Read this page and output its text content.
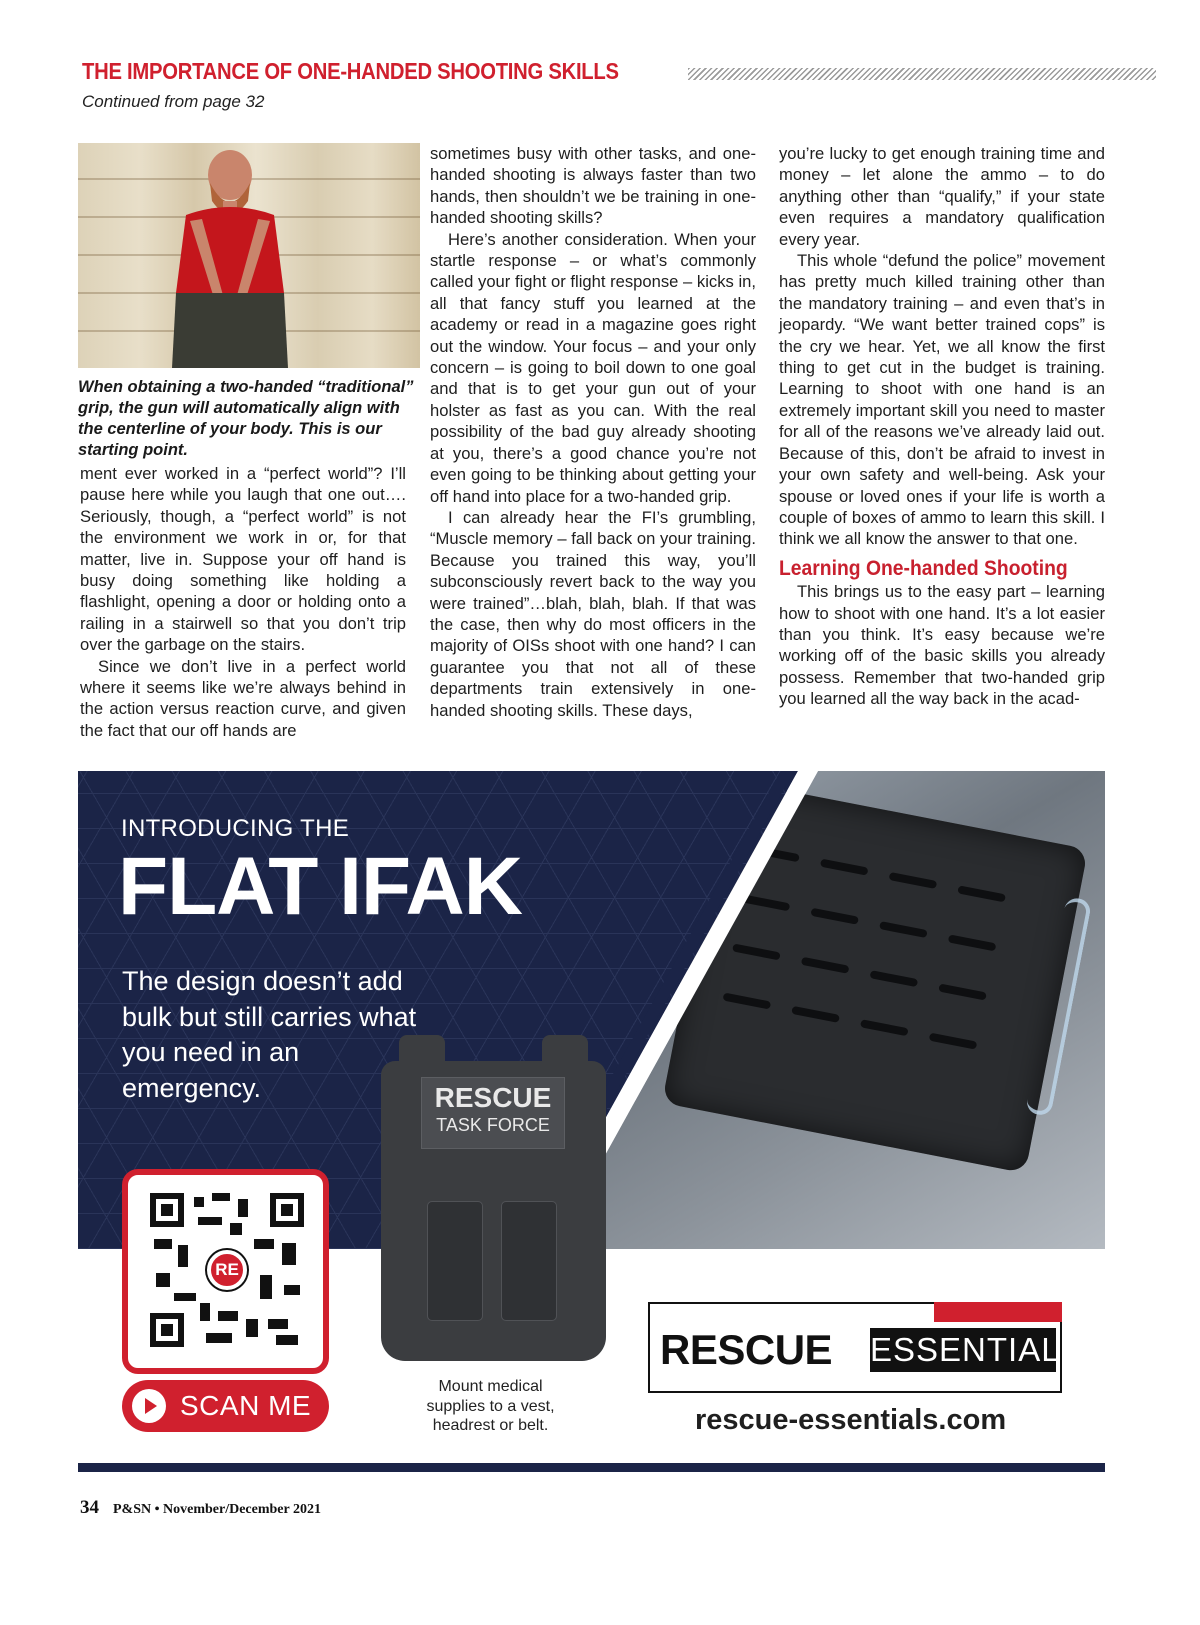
THE IMPORTANCE OF ONE-HANDED SHOOTING SKILLS
Continued from page 32
When obtaining a two-handed “traditional” grip, the gun will automatically align with the centerline of your body. This is our starting point.

ment ever worked in a “perfect world”? I’ll pause here while you laugh that one out…. Seriously, though, a “perfect world” is not the environment we work in or, for that matter, live in. Suppose your off hand is busy doing something like holding a flashlight, opening a door or holding onto a railing in a stairwell so that you don’t trip over the garbage on the stairs.

Since we don’t live in a perfect world where it seems like we’re always behind in the action versus reaction curve, and given the fact that our off hands are

sometimes busy with other tasks, and one-handed shooting is always faster than two hands, then shouldn’t we be training in one-handed shooting skills?

Here’s another consideration. When your startle response – or what’s commonly called your fight or flight response – kicks in, all that fancy stuff you learned at the academy or read in a magazine goes right out the window. Your focus – and your only concern – is going to boil down to one goal and that is to get your gun out of your holster as fast as you can. With the real possibility of the bad guy already shooting at you, there’s a good chance you’re not even going to be thinking about getting your off hand into place for a two-handed grip.

I can already hear the FI’s grumbling, “Muscle memory – fall back on your training. Because you trained this way, you’ll subconsciously revert back to the way you were trained”…blah, blah, blah. If that was the case, then why do most officers in the majority of OISs shoot with one hand? I can guarantee you that not all of these departments train extensively in one-handed shooting skills. These days,

you’re lucky to get enough training time and money – let alone the ammo – to do anything other than “qualify,” if your state even requires a mandatory qualification every year.

This whole “defund the police” movement has pretty much killed training other than the mandatory training – and even that’s in jeopardy. “We want better trained cops” is the cry we hear. Yet, we all know the first thing to get cut in the budget is training. Learning to shoot with one hand is an extremely important skill you need to master for all of the reasons we’ve already laid out. Because of this, don’t be afraid to invest in your own safety and well-being. Ask your spouse or loved ones if your life is worth a couple of boxes of ammo to learn this skill. I think we all know the answer to that one.

Learning One-handed Shooting

This brings us to the easy part – learning how to shoot with one hand. It’s a lot easier than you think. It’s easy because we’re working off of the basic skills you already possess. Remember that two-handed grip you learned all the way back in the acad-

INTRODUCING THE
FLAT IFAK
The design doesn’t add bulk but still carries what you need in an emergency.	RESCUE
TASK FORCE
RE
SCAN ME
Mount medical supplies to a vest, headrest or belt.
RESCUE ESSENTIALS
rescue-essentials.com
34 P&SN • November/December 2021
